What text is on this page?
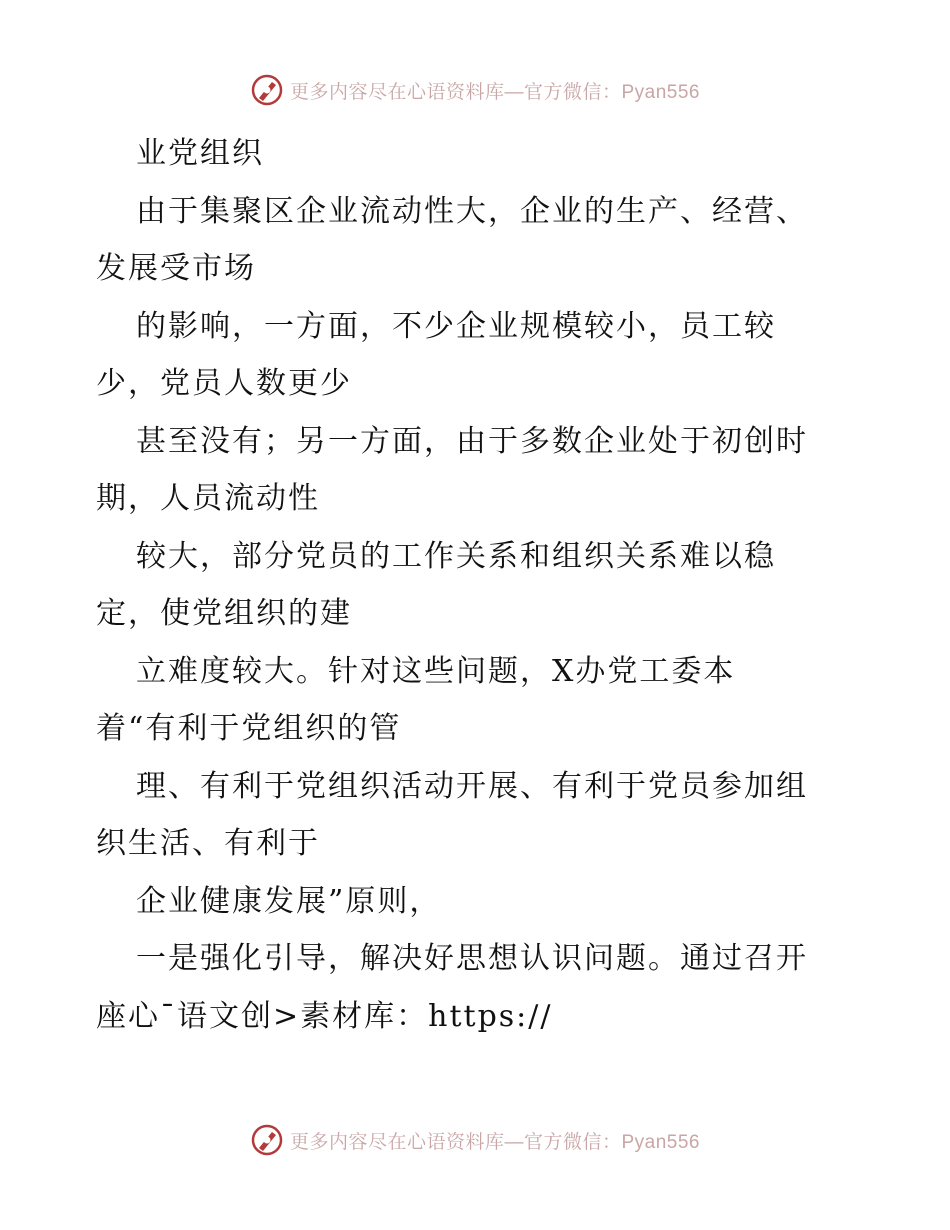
更多内容尽在心语资料库—官方微信：Pyan556
业党组织
由于集聚区企业流动性大，企业的生产、经营、
发展受市场
的影响，一方面，不少企业规模较小，员工较
少，党员人数更少
甚至没有；另一方面，由于多数企业处于初创时
期，人员流动性
较大，部分党员的工作关系和组织关系难以稳
定，使党组织的建
立难度较大。针对这些问题，X办党工委本
着“有利于党组织的管
理、有利于党组织活动开展、有利于党员参加组
织生活、有利于
企业健康发展”原则，
一是强化引导，解决好思想认识问题。通过召开
座心¯语文创>素材库：https://
更多内容尽在心语资料库—官方微信：Pyan556
